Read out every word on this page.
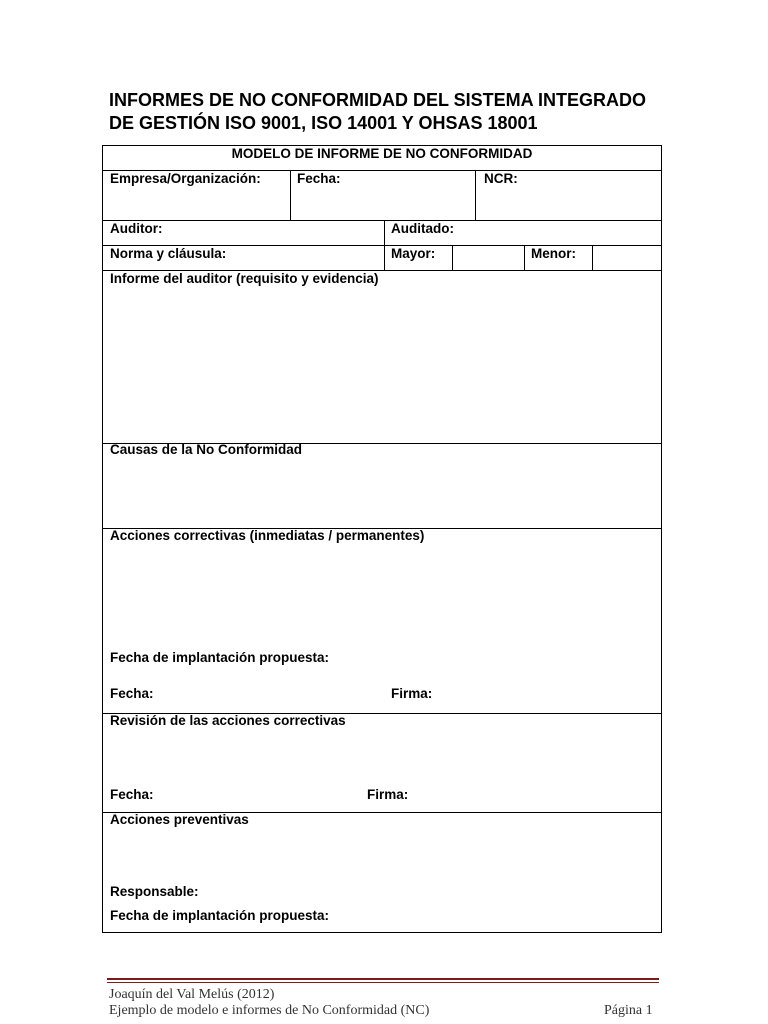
INFORMES DE NO CONFORMIDAD DEL SISTEMA INTEGRADO
DE GESTIÓN ISO 9001, ISO 14001 Y OHSAS 18001
MODELO DE INFORME DE NO CONFORMIDAD
Empresa/Organización:	Fecha:	NCR:
Auditor:	Auditado:
Norma y cláusula:	Mayor:	Menor:
Informe del auditor (requisito y evidencia)
Causas de la No Conformidad
Acciones correctivas (inmediatas / permanentes)
Fecha de implantación propuesta:
Fecha:	Firma:
Revisión de las acciones correctivas
Fecha:	Firma:
Acciones preventivas
Responsable:
Fecha de implantación propuesta:
Joaquín del Val Melús (2012)
Ejemplo de modelo e informes de No Conformidad (NC)	Página 1
